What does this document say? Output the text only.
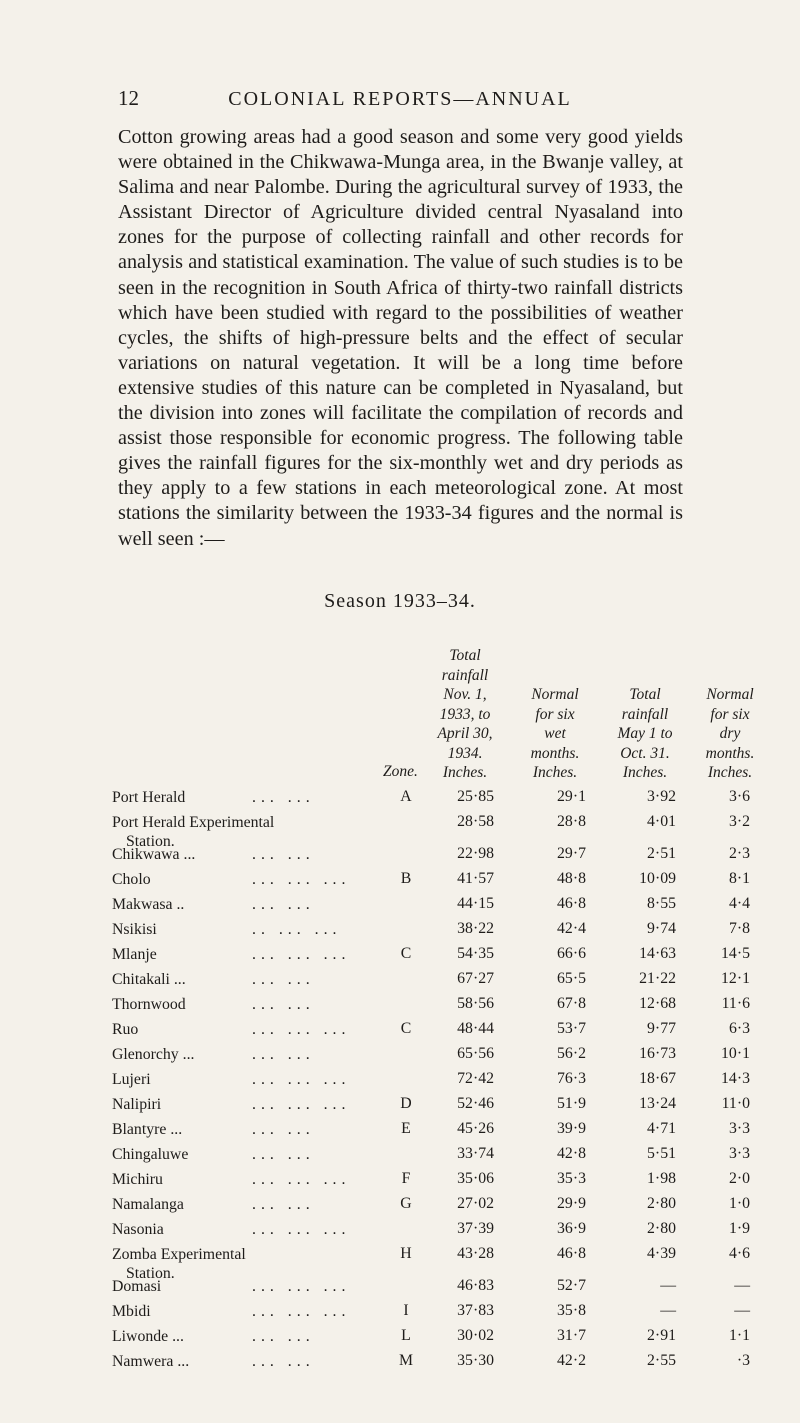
12	COLONIAL REPORTS—ANNUAL

Cotton growing areas had a good season and some very good yields were obtained in the Chikwawa-Munga area, in the Bwanje valley, at Salima and near Palombe. During the agricultural survey of 1933, the Assistant Director of Agriculture divided central Nyasaland into zones for the purpose of collecting rainfall and other records for analysis and statistical examination. The value of such studies is to be seen in the recognition in South Africa of thirty-two rainfall districts which have been studied with regard to the possibilities of weather cycles, the shifts of high-pressure belts and the effect of secular variations on natural vegetation. It will be a long time before extensive studies of this nature can be completed in Nyasaland, but the division into zones will facilitate the compilation of records and assist those responsible for economic progress. The following table gives the rainfall figures for the six-monthly wet and dry periods as they apply to a few stations in each meteorological zone. At most stations the similarity between the 1933-34 figures and the normal is well seen :—

Season 1933–34.
Total
rainfall
Nov. 1,
1933, to
April 30,
1934.
Inches.
Normal
for six
wet
months.
Inches.
Total
rainfall
May 1 to
Oct. 31.
Inches.
Normal
for six
dry
months.
Inches.
Zone.
Port Herald	... ...	A	25·85	29·1	3·92	3·6
Port Herald Experimental
Station.
28·58	28·8	4·01	3·2
Chikwawa ...	... ...	22·98	29·7	2·51	2·3
Cholo	... ... ...	B	41·57	48·8	10·09	8·1
Makwasa ..	... ...	44·15	46·8	8·55	4·4
Nsikisi	.. ... ...	38·22	42·4	9·74	7·8
Mlanje	... ... ...	C	54·35	66·6	14·63	14·5
Chitakali ...	... ...	67·27	65·5	21·22	12·1
Thornwood	... ...	58·56	67·8	12·68	11·6
Ruo	... ... ...	C	48·44	53·7	9·77	6·3
Glenorchy ...	... ...	65·56	56·2	16·73	10·1
Lujeri	... ... ...	72·42	76·3	18·67	14·3
Nalipiri	... ... ...	D	52·46	51·9	13·24	11·0
Blantyre ...	... ...	E	45·26	39·9	4·71	3·3
Chingaluwe	... ...	33·74	42·8	5·51	3·3
Michiru	... ... ...	F	35·06	35·3	1·98	2·0
Namalanga	... ...	G	27·02	29·9	2·80	1·0
Nasonia	... ... ...	37·39	36·9	2·80	1·9
Zomba Experimental
Station.
H	43·28	46·8	4·39	4·6
Domasi	... ... ...	46·83	52·7	—	—
Mbidi	... ... ...	I	37·83	35·8	—	—
Liwonde ...	... ...	L	30·02	31·7	2·91	1·1
Namwera ...	... ...	M	35·30	42·2	2·55	·3
